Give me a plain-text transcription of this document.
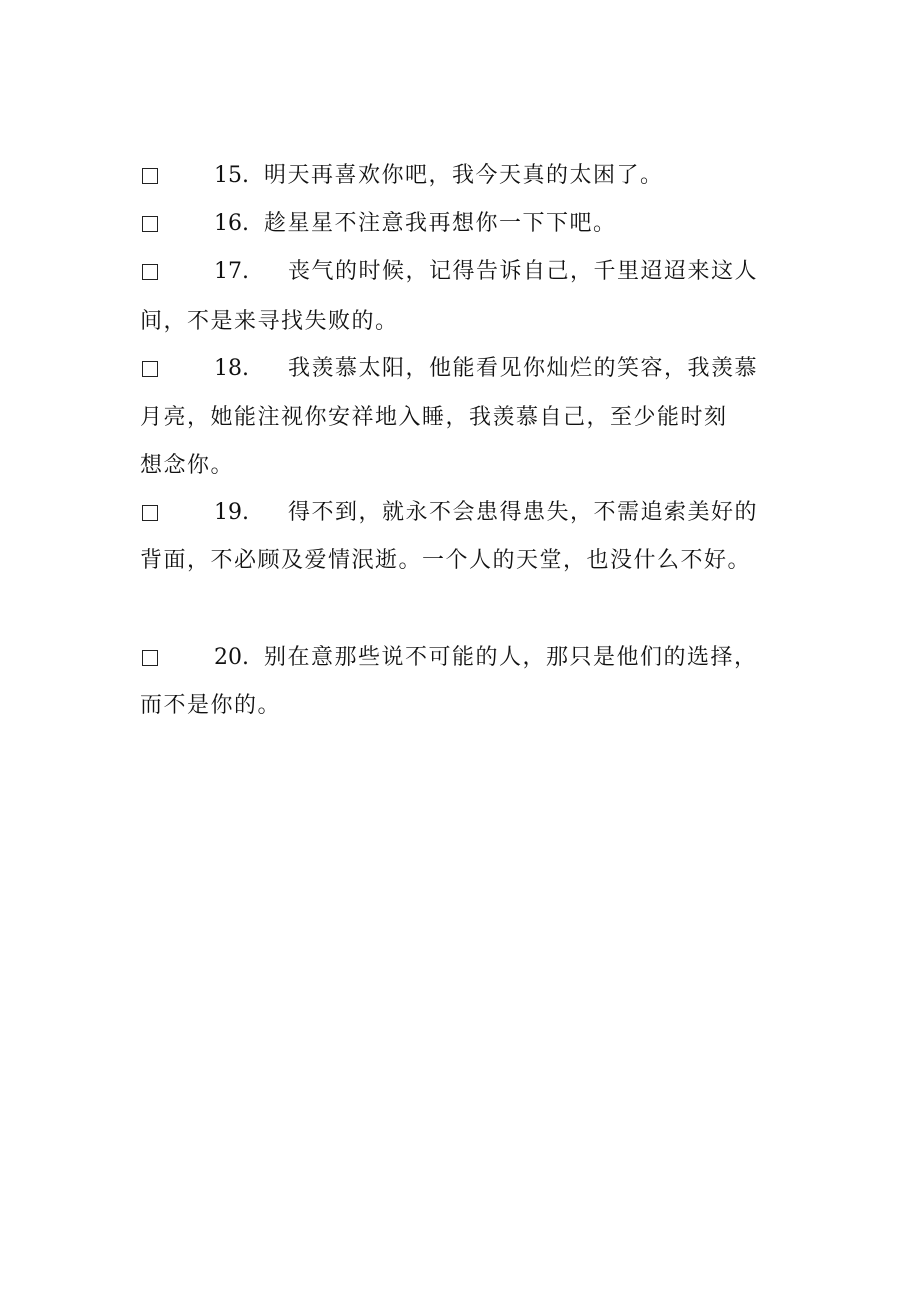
15. 明天再喜欢你吧，我今天真的太困了。
16. 趁星星不注意我再想你一下下吧。
17. 丧气的时候，记得告诉自己，千里迢迢来这人
间，不是来寻找失败的。
18. 我羡慕太阳，他能看见你灿烂的笑容，我羡慕
月亮，她能注视你安祥地入睡，我羡慕自己，至少能时刻
想念你。
19. 得不到，就永不会患得患失，不需追索美好的
背面，不必顾及爱情泯逝。一个人的天堂，也没什么不好。
20. 别在意那些说不可能的人，那只是他们的选择，
而不是你的。
